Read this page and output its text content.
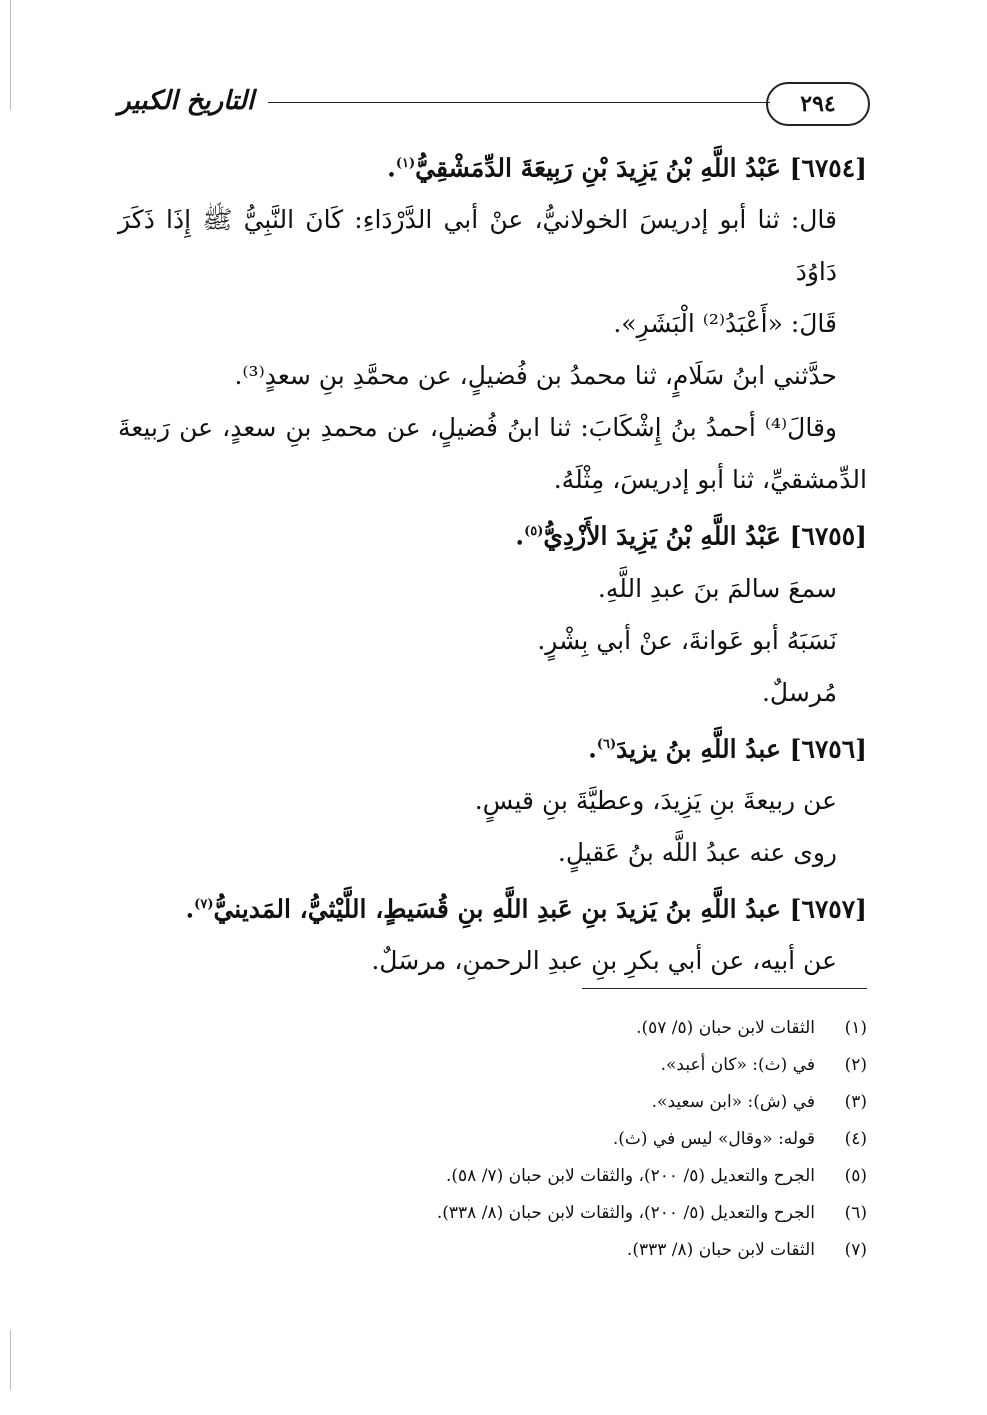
٢٩٤
التاريخ الكبير
[٦٧٥٤] عَبْدُ اللَّهِ بْنُ يَزِيدَ بْنِ رَبِيعَةَ الدِّمَشْقِيُّ$^{(١)}$.
قال: ثنا أبو إدريسَ الخولانيُّ، عنْ أبي الدَّرْدَاءِ: كَانَ النَّبِيُّ ﷺ إِذَا ذَكَرَ دَاوُدَ
قَالَ: «أَعْبَدُ⁽²⁾ الْبَشَرِ».
حدَّثني ابنُ سَلَامٍ، ثنا محمدُ بن فُضيلٍ، عن محمَّدِ بنِ سعدٍ⁽³⁾.
وقالَ⁽⁴⁾ أحمدُ بنُ إِشْكَابَ: ثنا ابنُ فُضيلٍ، عن محمدِ بنِ سعدٍ، عن رَبيعةَ
الدِّمشقيِّ، ثنا أبو إدريسَ، مِثْلَهُ.
[٦٧٥٥] عَبْدُ اللَّهِ بْنُ يَزِيدَ الأَزْدِيُّ$^{(٥)}$.
سمعَ سالمَ بنَ عبدِ اللَّهِ.
نَسَبَهُ أبو عَوانةَ، عنْ أبي بِشْرٍ.
مُرسلٌ.
[٦٧٥٦] عبدُ اللَّهِ بنُ يزيدَ$^{(٦)}$.
عن ربيعةَ بنِ يَزِيدَ، وعطيَّةَ بنِ قيسٍ.
روى عنه عبدُ اللَّه بنُ عَقيلٍ.
[٦٧٥٧] عبدُ اللَّهِ بنُ يَزيدَ بنِ عَبدِ اللَّهِ بنِ قُسَيطٍ، اللَّيْثيُّ، المَدينيُّ$^{(٧)}$.
عن أبيه، عن أبي بكرِ بنِ عبدِ الرحمنِ، مرسَلٌ.
(١)
الثقات لابن حبان (٥/ ٥٧).
(٢)
في (ث): «كان أعبد».
(٣)
في (ش): «ابن سعيد».
(٤)
قوله: «وقال» ليس في (ث).
(٥)
الجرح والتعديل (٥/ ٢٠٠)، والثقات لابن حبان (٧/ ٥٨).
(٦)
الجرح والتعديل (٥/ ٢٠٠)، والثقات لابن حبان (٨/ ٣٣٨).
(٧)
الثقات لابن حبان (٨/ ٣٣٣).
